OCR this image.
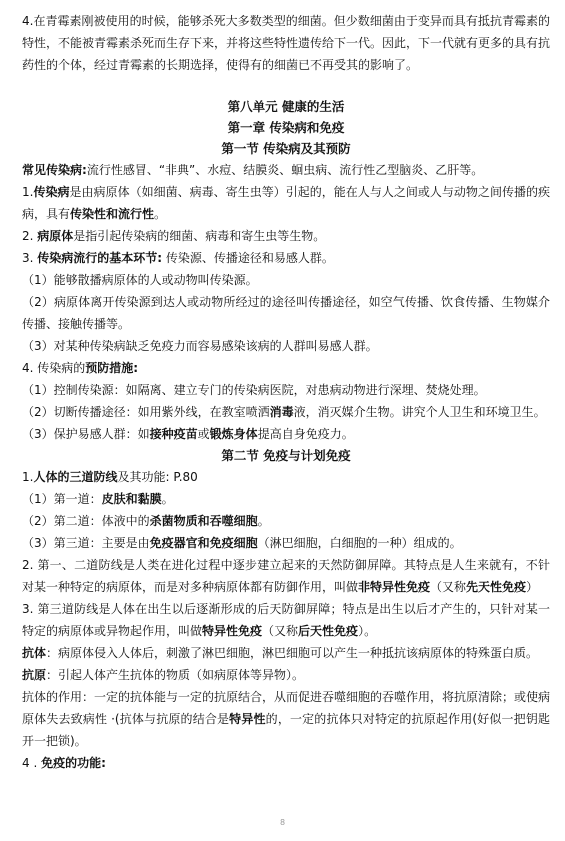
4.在青霉素刚被使用的时候，能够杀死大多数类型的细菌。但少数细菌由于变异而具有抵抗青霉素的特性，不能被青霉素杀死而生存下来，并将这些特性遗传给下一代。因此，下一代就有更多的具有抗药性的个体，经过青霉素的长期选择，使得有的细菌已不再受其的影响了。

第八单元 健康的生活

第一章 传染病和免疫

第一节 传染病及其预防

常见传染病:流行性感冒、“非典”、水痘、结膜炎、蛔虫病、流行性乙型脑炎、乙肝等。

1.传染病是由病原体（如细菌、病毒、寄生虫等）引起的，能在人与人之间或人与动物之间传播的疾病，具有传染性和流行性。

2. 病原体是指引起传染病的细菌、病毒和寄生虫等生物。

3. 传染病流行的基本环节: 传染源、传播途径和易感人群。

（1）能够散播病原体的人或动物叫传染源。

（2）病原体离开传染源到达人或动物所经过的途径叫传播途径，如空气传播、饮食传播、生物媒介传播、接触传播等。

（3）对某种传染病缺乏免疫力而容易感染该病的人群叫易感人群。

4. 传染病的预防措施:

（1）控制传染源：如隔离、建立专门的传染病医院，对患病动物进行深埋、焚烧处理。

（2）切断传播途径：如用紫外线，在教室喷洒消毒液，消灭媒介生物。讲究个人卫生和环境卫生。

（3）保护易感人群：如接种疫苗或锻炼身体提高自身免疫力。

第二节 免疫与计划免疫

1.人体的三道防线及其功能: P.80

（1）第一道：皮肤和黏膜。

（2）第二道：体液中的杀菌物质和吞噬细胞。

（3）第三道：主要是由免疫器官和免疫细胞（淋巴细胞，白细胞的一种）组成的。

2. 第一、二道防线是人类在进化过程中逐步建立起来的天然防御屏障。其特点是人生来就有，不针对某一种特定的病原体，而是对多种病原体都有防御作用，叫做非特异性免疫（又称先天性免疫）

3. 第三道防线是人体在出生以后逐渐形成的后天防御屏障；特点是出生以后才产生的，只针对某一特定的病原体或异物起作用，叫做特异性免疫（又称后天性免疫）。

抗体：病原体侵入人体后，刺激了淋巴细胞，淋巴细胞可以产生一种抵抗该病原体的特殊蛋白质。

抗原：引起人体产生抗体的物质（如病原体等异物）。

抗体的作用：一定的抗体能与一定的抗原结合，从而促进吞噬细胞的吞噬作用，将抗原清除；或使病原体失去致病性 ·(抗体与抗原的结合是特异性的，一定的抗体只对特定的抗原起作用(好似一把钥匙开一把锁)。

4 . 免疫的功能:

8
